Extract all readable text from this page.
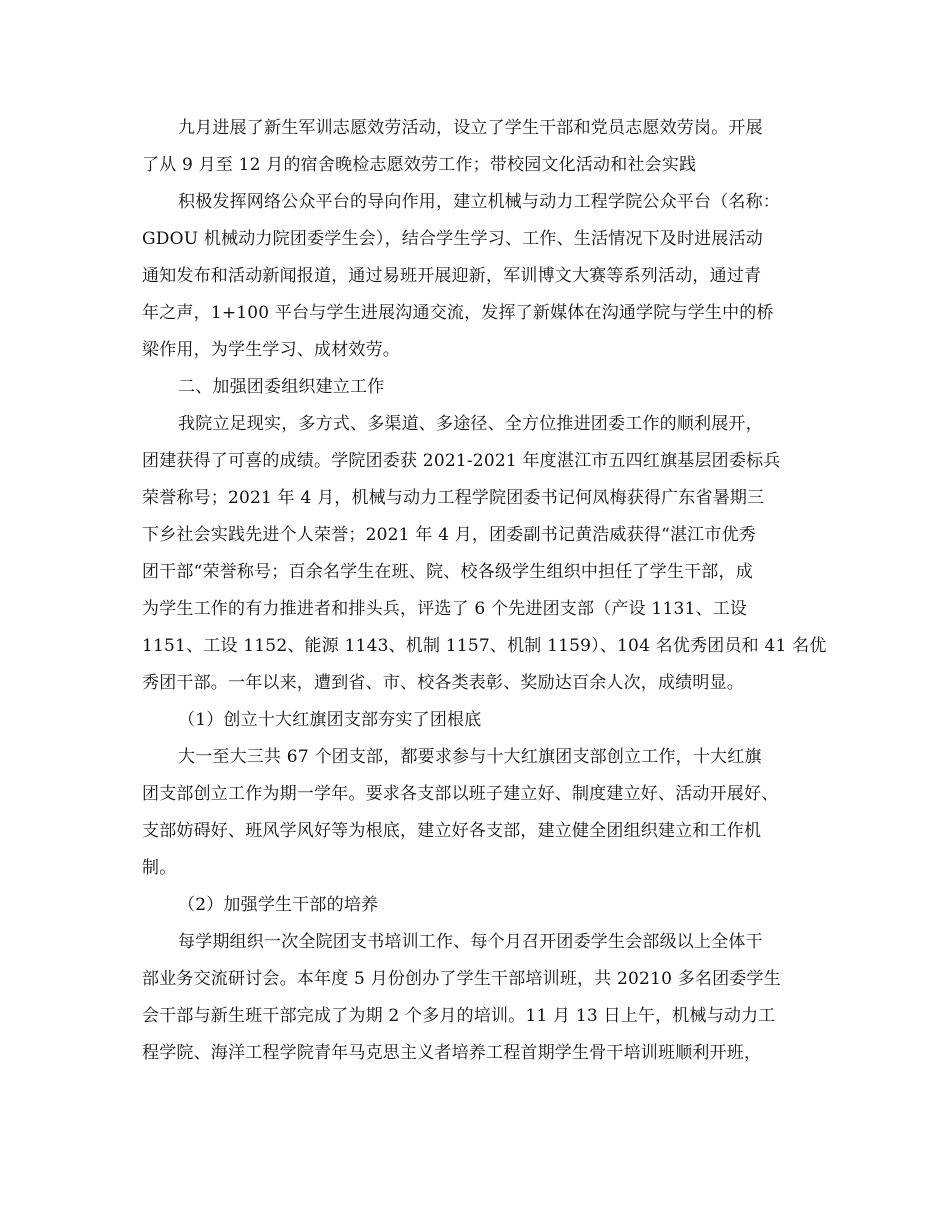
九月进展了新生军训志愿效劳活动，设立了学生干部和党员志愿效劳岗。开展
了从 9 月至 12 月的宿舍晚检志愿效劳工作；带校园文化活动和社会实践
积极发挥网络公众平台的导向作用，建立机械与动力工程学院公众平台（名称：
GDOU 机械动力院团委学生会），结合学生学习、工作、生活情况下及时进展活动
通知发布和活动新闻报道，通过易班开展迎新，军训博文大赛等系列活动，通过青
年之声，1+100 平台与学生进展沟通交流，发挥了新媒体在沟通学院与学生中的桥
梁作用，为学生学习、成材效劳。
二、加强团委组织建立工作
我院立足现实，多方式、多渠道、多途径、全方位推进团委工作的顺利展开，
团建获得了可喜的成绩。学院团委获 2021-2021 年度湛江市五四红旗基层团委标兵
荣誉称号；2021 年 4 月，机械与动力工程学院团委书记何凤梅获得广东省暑期三
下乡社会实践先进个人荣誉；2021 年 4 月，团委副书记黄浩威获得“湛江市优秀
团干部“荣誉称号；百余名学生在班、院、校各级学生组织中担任了学生干部，成
为学生工作的有力推进者和排头兵，评选了 6 个先进团支部（产设 1131、工设
1151、工设 1152、能源 1143、机制 1157、机制 1159）、104 名优秀团员和 41 名优
秀团干部。一年以来，遭到省、市、校各类表彰、奖励达百余人次，成绩明显。
（1）创立十大红旗团支部夯实了团根底
大一至大三共 67 个团支部，都要求参与十大红旗团支部创立工作，十大红旗
团支部创立工作为期一学年。要求各支部以班子建立好、制度建立好、活动开展好、
支部妨碍好、班风学风好等为根底，建立好各支部，建立健全团组织建立和工作机
制。
（2）加强学生干部的培养
每学期组织一次全院团支书培训工作、每个月召开团委学生会部级以上全体干
部业务交流研讨会。本年度 5 月份创办了学生干部培训班，共 20210 多名团委学生
会干部与新生班干部完成了为期 2 个多月的培训。11 月 13 日上午，机械与动力工
程学院、海洋工程学院青年马克思主义者培养工程首期学生骨干培训班顺利开班，
